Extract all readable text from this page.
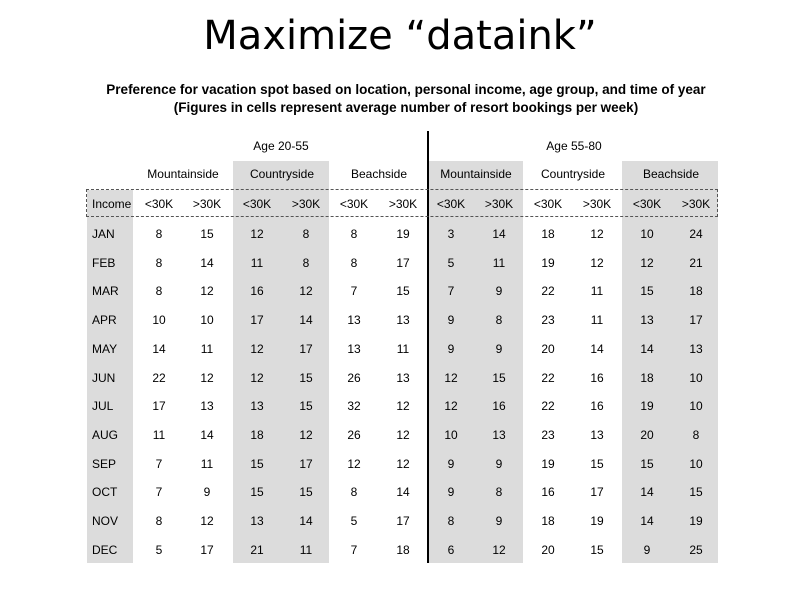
Maximize “dataink”
Preference for vacation spot based on location, personal income, age group, and time of year
(Figures in cells represent average number of resort bookings per week)
Age 20-55	Age 55-80
Mountainside	Countryside	Beachside	Mountainside	Countryside	Beachside
Income	<30K	>30K	<30K	>30K	<30K	>30K	<30K	>30K	<30K	>30K	<30K	>30K
JAN	8	15	12	8	8	19	3	14	18	12	10	24
FEB	8	14	11	8	8	17	5	11	19	12	12	21
MAR	8	12	16	12	7	15	7	9	22	11	15	18
APR	10	10	17	14	13	13	9	8	23	11	13	17
MAY	14	11	12	17	13	11	9	9	20	14	14	13
JUN	22	12	12	15	26	13	12	15	22	16	18	10
JUL	17	13	13	15	32	12	12	16	22	16	19	10
AUG	11	14	18	12	26	12	10	13	23	13	20	8
SEP	7	11	15	17	12	12	9	9	19	15	15	10
OCT	7	9	15	15	8	14	9	8	16	17	14	15
NOV	8	12	13	14	5	17	8	9	18	19	14	19
DEC	5	17	21	11	7	18	6	12	20	15	9	25
